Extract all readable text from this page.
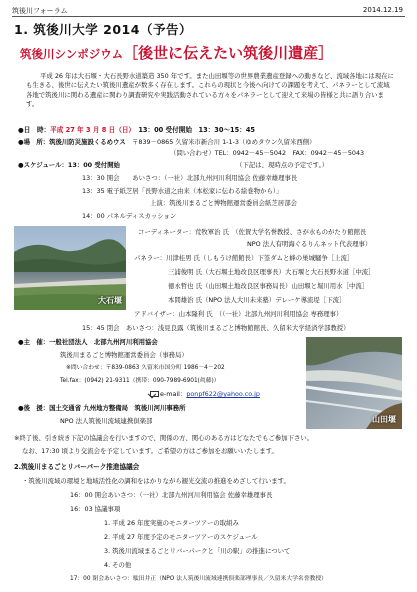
筑後川フォーラム	2014.12.19
1. 筑後川大学 2014（予告）
筑後川シンポジウム［後世に伝えたい筑後川遺産］
平成 26 年は大石堰・大石長野水道築造 350 年です。また山田堰等の世界農業遺産登録への動きなど、流域各地には現在にも生きる、後世に伝えたい筑後川遺産が数多く存在します。これらの現状と今後へ向けての課題を考えて、パネラーとして流域各地で筑後川に関わる遺産に関わり調査研究や実践活動されている方々をパネラーとして迎えて来場の皆様と共に語り合います。
●日　時：平成 27 年 3 月 8 日（日）　 13：00 受付開始　13：30～15：45
●場　所：筑後川防災施設くるめウス　 〒839－0865 久留米市新合川 1-1-3（ゆめタウン久留米西側）
（問い合わせ）TEL：0942－45－5042　FAX：0942－45－5043
●スケジュール：13：00 受付開始	（下記は、現時点の予定です。）
13：30 開会　　あいさつ：（一社）北部九州河川利用協会 佐藤幸雄理事長
13：35 電子紙芝居「長野水道之由来（本松家に伝わる絵巻物から）」
上演：筑後川まるごと博物館運営委員会紙芝居部会
14：00 パネルディスカッション
大石堰
コーディネーター：荒牧軍治 氏　（佐賀大学名誉教授、さが水ものがたり館館長
NPO 法人有明海ぐるりんネット代表理事）
パネラー：川津桂男 氏（しもうけ館館長）下筌ダムと蜂の巣城騒争［上流］
三浦俊明 氏（大石堰土地改良区理事長）大石堰と大石長野水道［中流］
徳永哲也 氏（山田堰土地改良区事務局長）山田堰と堀川用水［中流］
本間雄治 氏（NPO 法人大川未来塾）デレーケ導流堤［下流］
アドバイザー：山本隆利 氏　（（一社）北部九州河川利用協会 専務理事）
15：45 閉会　あいさつ：浅見良露（筑後川まるごと博物館館長、久留米大学経済学部教授）
●主　催：一般社団法人　北部九州河川利用協会
筑後川まるごと博物館運営委員会（事務局）
※問い合わせ：〒839-0863 久留米市国分町 1986－4－202
Tel.fax：(0942) 21-9311（携帯：090-7989-6901(眞藤)）
e-mail：ponpf622@yahoo.co.jp
●後　援：国土交通省 九州地方整備局　筑後川河川事務所
NPO 法人筑後川流域連携倶楽部	山田堰
※終了後、引き続き下記の協議会を行いますので、関係の方、関心のある方はどなたでもご参加下さい。
なお、17:30 頃より交流会を予定しています。ご希望の方はご参加をお願いいたします。
2.筑後川まるごとリバーパーク推進協議会
・筑後川流域の環境と地域活性化の調和をはかりながら観光交流の推進をめざして行います。
16：00 開会あいさつ：（一社）北部九州河川利用協会 佐藤幸雄理事長
16：03 協議事項
1. 平成 26 年度実施のモニターツアーの取組み
2. 平成 27 年度予定のモニターツアーのスケジュール
3. 筑後川流域まるごとリバーパークと「川の駅」の推進について
4. その他
17：00 閉会あいさつ：駄田井正（NPO 法人筑後川流域連携倶楽部理事長／久留米大学名誉教授）
